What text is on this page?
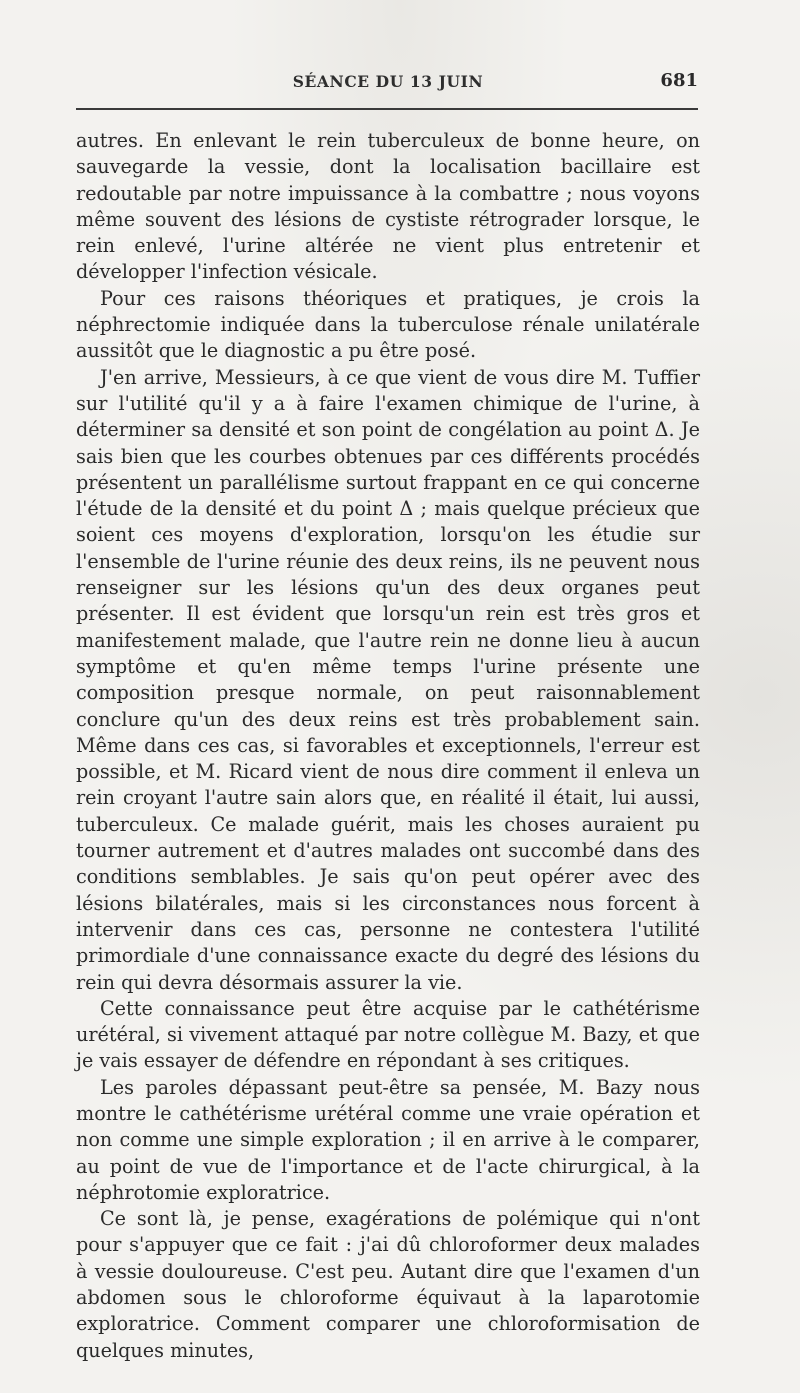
SÉANCE DU 13 JUIN	681

autres. En enlevant le rein tuberculeux de bonne heure, on sauvegarde la vessie, dont la localisation bacillaire est redoutable par notre impuissance à la combattre ; nous voyons même souvent des lésions de cystiste rétrograder lorsque, le rein enlevé, l'urine altérée ne vient plus entretenir et développer l'infection vésicale.

Pour ces raisons théoriques et pratiques, je crois la néphrectomie indiquée dans la tuberculose rénale unilatérale aussitôt que le diagnostic a pu être posé.

J'en arrive, Messieurs, à ce que vient de vous dire M. Tuffier sur l'utilité qu'il y a à faire l'examen chimique de l'urine, à déterminer sa densité et son point de congélation au point Δ. Je sais bien que les courbes obtenues par ces différents procédés présentent un parallélisme surtout frappant en ce qui concerne l'étude de la densité et du point Δ ; mais quelque précieux que soient ces moyens d'exploration, lorsqu'on les étudie sur l'ensemble de l'urine réunie des deux reins, ils ne peuvent nous renseigner sur les lésions qu'un des deux organes peut présenter. Il est évident que lorsqu'un rein est très gros et manifestement malade, que l'autre rein ne donne lieu à aucun symptôme et qu'en même temps l'urine présente une composition presque normale, on peut raisonnablement conclure qu'un des deux reins est très probablement sain. Même dans ces cas, si favorables et exceptionnels, l'erreur est possible, et M. Ricard vient de nous dire comment il enleva un rein croyant l'autre sain alors que, en réalité il était, lui aussi, tuberculeux. Ce malade guérit, mais les choses auraient pu tourner autrement et d'autres malades ont succombé dans des conditions semblables. Je sais qu'on peut opérer avec des lésions bilatérales, mais si les circonstances nous forcent à intervenir dans ces cas, personne ne contestera l'utilité primordiale d'une connaissance exacte du degré des lésions du rein qui devra désormais assurer la vie.

Cette connaissance peut être acquise par le cathétérisme urétéral, si vivement attaqué par notre collègue M. Bazy, et que je vais essayer de défendre en répondant à ses critiques.

Les paroles dépassant peut-être sa pensée, M. Bazy nous montre le cathétérisme urétéral comme une vraie opération et non comme une simple exploration ; il en arrive à le comparer, au point de vue de l'importance et de l'acte chirurgical, à la néphrotomie exploratrice.

Ce sont là, je pense, exagérations de polémique qui n'ont pour s'appuyer que ce fait : j'ai dû chloroformer deux malades à vessie douloureuse. C'est peu. Autant dire que l'examen d'un abdomen sous le chloroforme équivaut à la laparotomie exploratrice. Comment comparer une chloroformisation de quelques minutes,
